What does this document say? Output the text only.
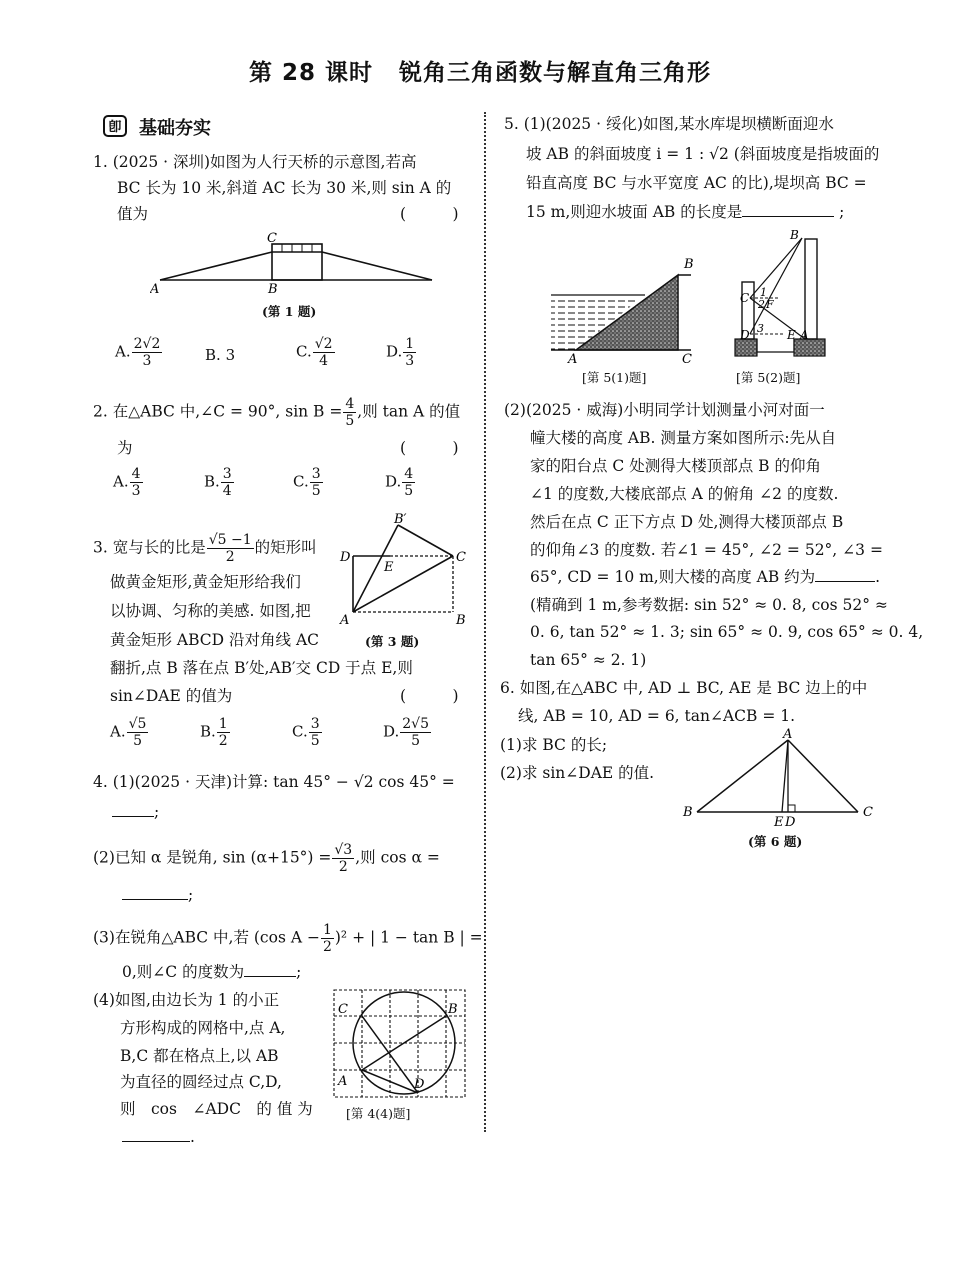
第 28 课时 锐角三角函数与解直角三角形
卽 基础夯实
1. (2025 · 深圳)如图为人行天桥的示意图,若高
BC 长为 10 米,斜道 AC 长为 30 米,则 sin A 的
值为	(　　　)
A	B
C
(第 1 题)
A. $\frac{2√2}{3}$	B. 3	C. $\frac{√2}{4}$	D. $\frac{1}{3}$
2. 在△ABC 中,∠C = 90°, $\sin B = \frac{4}{5}$ ,则 tan A 的值
为	(　　　)
A. $\frac{4}{3}$	B. $\frac{3}{4}$	C. $\frac{3}{5}$	D. $\frac{4}{5}$
3. 宽与长的比是 $\frac{√5 -1}{2}$ 的矩形叫
做黄金矩形,黄金矩形给我们
以协调、匀称的美感. 如图,把
黄金矩形 ABCD 沿对角线 AC
翻折,点 B 落在点 B′处,AB′交 CD 于点 E,则
sin∠DAE 的值为	(　　　)
A	B
C
D
E
B′
(第 3 题)
A. $\frac{√5}{5}$	B. $\frac{1}{2}$	C. $\frac{3}{5}$	D. $\frac{2√5}{5}$
4. (1)(2025 · 天津)计算: tan 45° − √2 cos 45° =
;
(2)已知 α 是锐角, $\sin (\alpha+15^\circ) = \frac{√3}{2}$ ,则 cos α =
;
(3)在锐角△ABC 中,若 (cos $A - \frac{1}{2} )^2$ + | 1 − tan B | =
0,则∠C 的度数为	;
(4)如图,由边长为 1 的小正
方形构成的网格中,点 A,
B,C 都在格点上,以 AB
为直径的圆经过点 C,D,
则　cos　∠ADC　的 值 为
.
C	B
A	D
[第 4(4)题]
5. (1)(2025 · 绥化)如图,某水库堤坝横断面迎水
坡 AB 的斜面坡度 i = 1 : √2 (斜面坡度是指坡面的
铅直高度 BC 与水平宽度 AC 的比),堤坝高 BC =
15 m,则迎水坡面 AB 的长度是	;
A	C
B
[第 5(1)题]
C
D	E A
B
F
1
2
3
[第 5(2)题]
(2)(2025 · 威海)小明同学计划测量小河对面一
幢大楼的高度 AB. 测量方案如图所示:先从自
家的阳台点 C 处测得大楼顶部点 B 的仰角
∠1 的度数,大楼底部点 A 的俯角 ∠2 的度数.
然后在点 C 正下方点 D 处,测得大楼顶部点 B
的仰角∠3 的度数. 若∠1 = 45°, ∠2 = 52°, ∠3 =
65°, CD = 10 m,则大楼的高度 AB 约为	.
(精确到 1 m,参考数据: sin 52° ≈ 0. 8, cos 52° ≈
0. 6, tan 52° ≈ 1. 3; sin 65° ≈ 0. 9, cos 65° ≈ 0. 4,
tan 65° ≈ 2. 1)
6. 如图,在△ABC 中, AD ⊥ BC, AE 是 BC 边上的中
线, AB = 10, AD = 6, tan∠ACB = 1.
(1)求 BC 的长;
(2)求 sin∠DAE 的值.
A
B	C
E D
(第 6 题)
